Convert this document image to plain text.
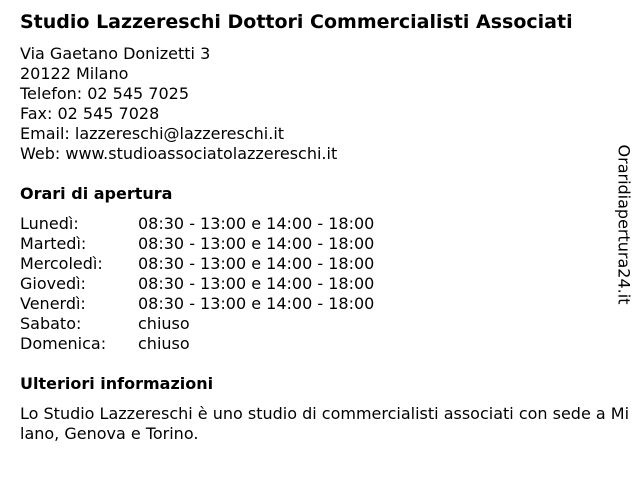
Studio Lazzereschi Dottori Commercialisti Associati
Via Gaetano Donizetti 3
20122 Milano
Telefon: 02 545 7025
Fax: 02 545 7028
Email: lazzereschi@lazzereschi.it
Web: www.studioassociatolazzereschi.it
Orari di apertura
Lunedì:	08:30 - 13:00 e 14:00 - 18:00
Martedì:	08:30 - 13:00 e 14:00 - 18:00
Mercoledì:	08:30 - 13:00 e 14:00 - 18:00
Giovedì:	08:30 - 13:00 e 14:00 - 18:00
Venerdì:	08:30 - 13:00 e 14:00 - 18:00
Sabato:	chiuso
Domenica:	chiuso
Ulteriori informazioni
Lo Studio Lazzereschi è uno studio di commercialisti associati con sede a Milano, Genova e Torino.
Oraridiapertura24.it
